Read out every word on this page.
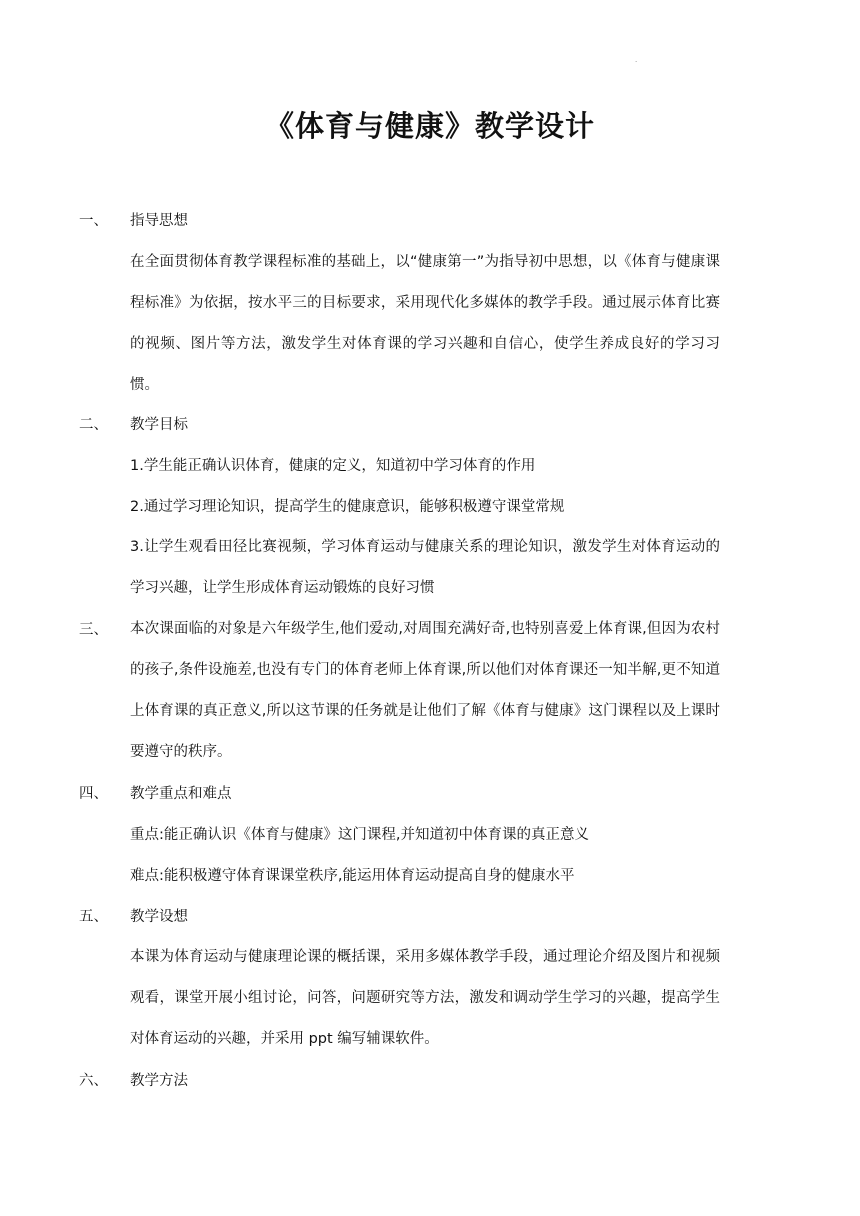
.
《体育与健康》教学设计
一、 指导思想
在全面贯彻体育教学课程标准的基础上，以“健康第一”为指导初中思想，以《体育与健康课程标准》为依据，按水平三的目标要求，采用现代化多媒体的教学手段。通过展示体育比赛的视频、图片等方法，激发学生对体育课的学习兴趣和自信心，使学生养成良好的学习习惯。
二、 教学目标
1.学生能正确认识体育，健康的定义，知道初中学习体育的作用
2.通过学习理论知识，提高学生的健康意识，能够积极遵守课堂常规
3.让学生观看田径比赛视频，学习体育运动与健康关系的理论知识，激发学生对体育运动的学习兴趣，让学生形成体育运动锻炼的良好习惯
三、 本次课面临的对象是六年级学生,他们爱动,对周围充满好奇,也特别喜爱上体育课,但因为农村的孩子,条件设施差,也没有专门的体育老师上体育课,所以他们对体育课还一知半解,更不知道上体育课的真正意义,所以这节课的任务就是让他们了解《体育与健康》这门课程以及上课时要遵守的秩序。
四、 教学重点和难点
重点:能正确认识《体育与健康》这门课程,并知道初中体育课的真正意义
难点:能积极遵守体育课课堂秩序,能运用体育运动提高自身的健康水平
五、 教学设想
本课为体育运动与健康理论课的概括课，采用多媒体教学手段，通过理论介绍及图片和视频 观看，课堂开展小组讨论，问答，问题研究等方法，激发和调动学生学习的兴趣，提高学生对体育运动的兴趣，并采用 ppt 编写辅课软件。
六、 教学方法
